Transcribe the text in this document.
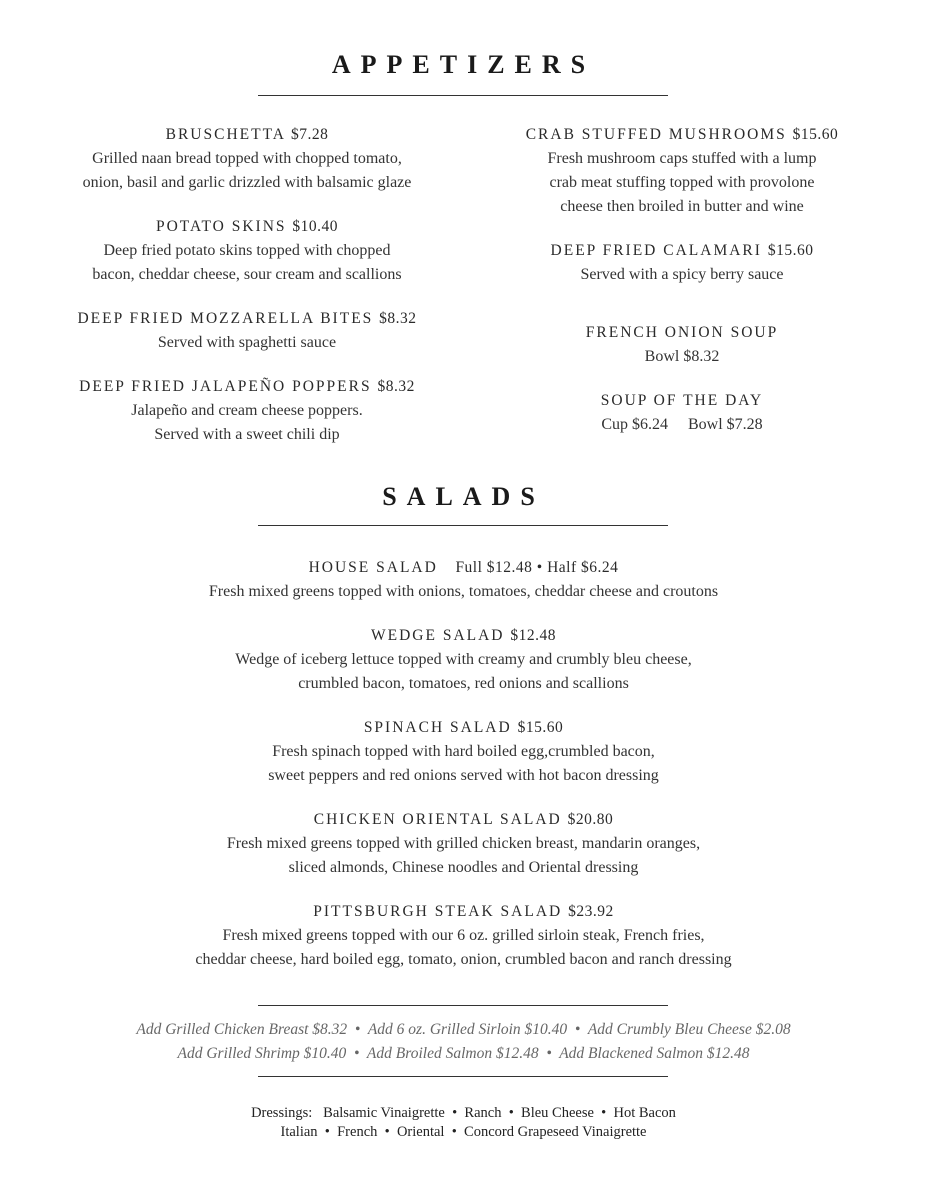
APPETIZERS
BRUSCHETTA $7.28
Grilled naan bread topped with chopped tomato,
onion, basil and garlic drizzled with balsamic glaze
POTATO SKINS $10.40
Deep fried potato skins topped with chopped
bacon, cheddar cheese, sour cream and scallions
DEEP FRIED MOZZARELLA BITES $8.32
Served with spaghetti sauce
DEEP FRIED JALAPEÑO POPPERS $8.32
Jalapeño and cream cheese poppers.
Served with a sweet chili dip
CRAB STUFFED MUSHROOMS $15.60
Fresh mushroom caps stuffed with a lump
crab meat stuffing topped with provolone
cheese then broiled in butter and wine
DEEP FRIED CALAMARI $15.60
Served with a spicy berry sauce
FRENCH ONION SOUP
Bowl $8.32
SOUP OF THE DAY
Cup $6.24     Bowl $7.28
SALADS
HOUSE SALAD Full $12.48 • Half $6.24
Fresh mixed greens topped with onions, tomatoes, cheddar cheese and croutons
WEDGE SALAD $12.48
Wedge of iceberg lettuce topped with creamy and crumbly bleu cheese,
crumbled bacon, tomatoes, red onions and scallions
SPINACH SALAD $15.60
Fresh spinach topped with hard boiled egg,crumbled bacon,
sweet peppers and red onions served with hot bacon dressing
CHICKEN ORIENTAL SALAD $20.80
Fresh mixed greens topped with grilled chicken breast, mandarin oranges,
sliced almonds, Chinese noodles and Oriental dressing
PITTSBURGH STEAK SALAD $23.92
Fresh mixed greens topped with our 6 oz. grilled sirloin steak, French fries,
cheddar cheese, hard boiled egg, tomato, onion, crumbled bacon and ranch dressing
Add Grilled Chicken Breast $8.32  •  Add 6 oz. Grilled Sirloin $10.40  •  Add Crumbly Bleu Cheese $2.08
Add Grilled Shrimp $10.40  •  Add Broiled Salmon $12.48  •  Add Blackened Salmon $12.48
Dressings: Balsamic Vinaigrette  •  Ranch  •  Bleu Cheese  •  Hot Bacon
Italian  •  French  •  Oriental  •  Concord Grapeseed Vinaigrette
